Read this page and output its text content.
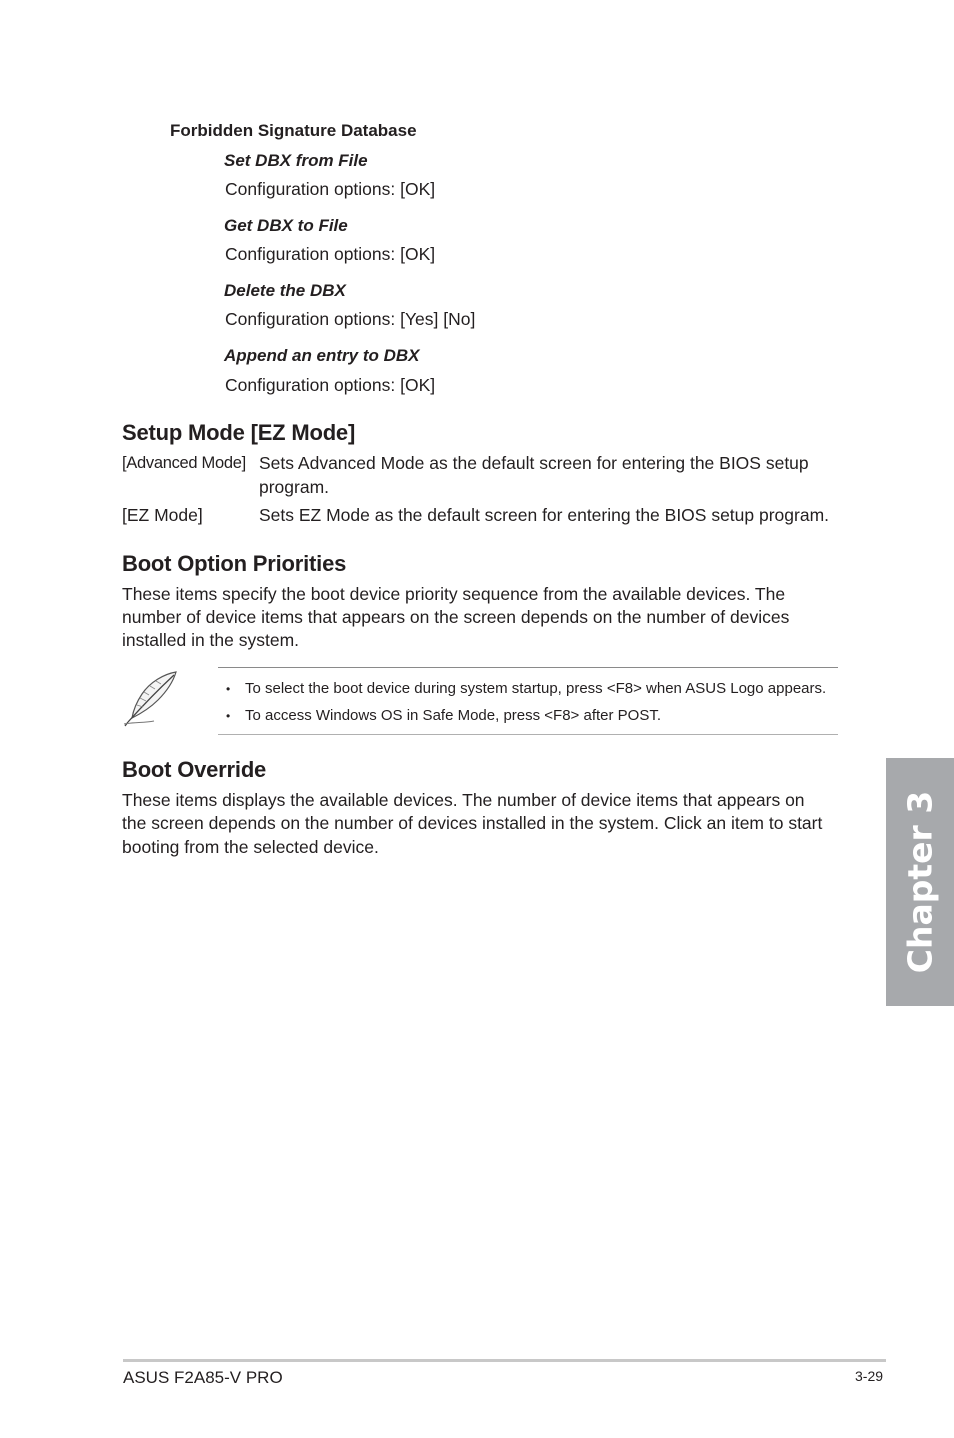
Forbidden Signature Database
Set DBX from File
Configuration options: [OK]
Get DBX to File
Configuration options: [OK]
Delete the DBX
Configuration options: [Yes] [No]
Append an entry to DBX
Configuration options: [OK]
Setup Mode [EZ Mode]
[Advanced Mode] Sets Advanced Mode as the default screen for entering the BIOS setup
program.
[EZ Mode]	Sets EZ Mode as the default screen for entering the BIOS setup program.
Boot Option Priorities
These items specify the boot device priority sequence from the available devices. The
number of device items that appears on the screen depends on the number of devices
installed in the system.
• To select the boot device during system startup, press <F8> when ASUS Logo appears.
• To access Windows OS in Safe Mode, press <F8> after POST.
Boot Override
These items displays the available devices. The number of device items that appears on
the screen depends on the number of devices installed in the system. Click an item to start
booting from the selected device.	Chapter 3
ASUS F2A85-V PRO	3-29
